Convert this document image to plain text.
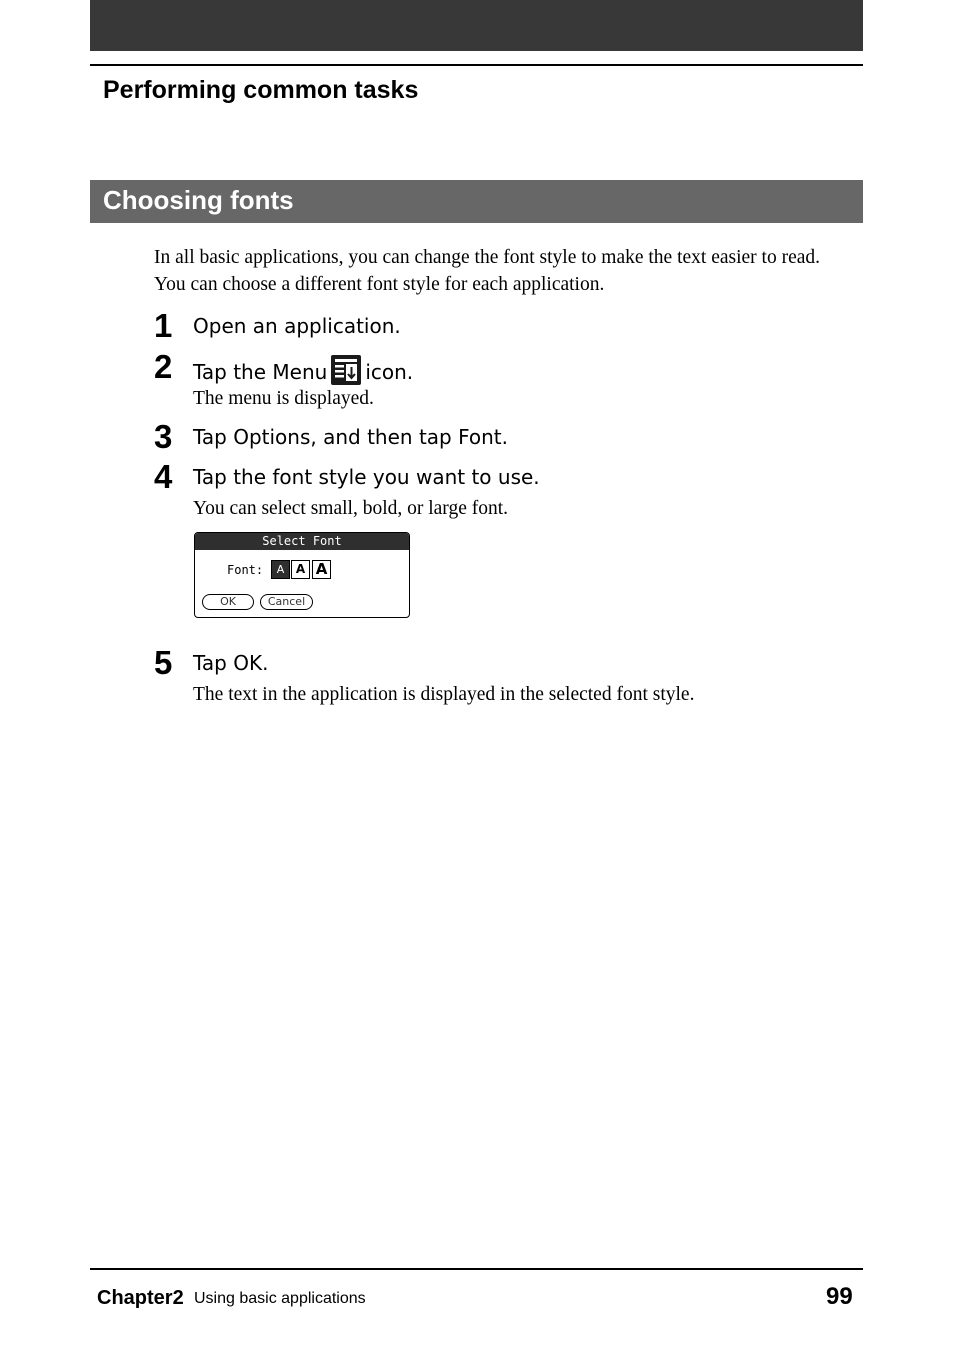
Performing common tasks
Choosing fonts
In all basic applications, you can change the font style to make the text easier to read. You can choose a different font style for each application.
1 Open an application.
2 Tap the Menu icon.
The menu is displayed.
3 Tap Options, and then tap Font.
4 Tap the font style you want to use.
You can select small, bold, or large font.
Select Font
Font:	A A A
OK	Cancel
5 Tap OK.
The text in the application is displayed in the selected font style.
Chapter2 Using basic applications	99
